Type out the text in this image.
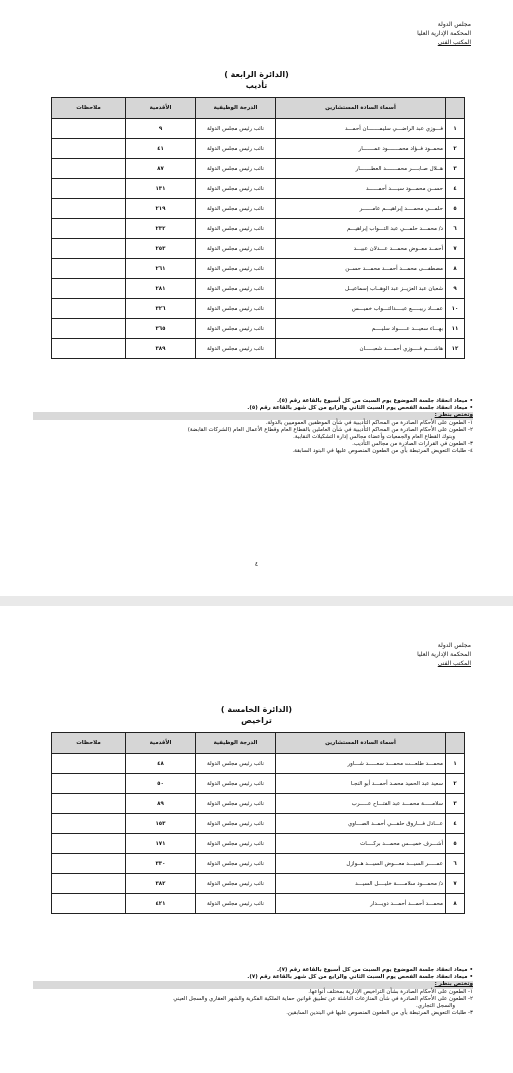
مجلس الدولة
المحكمة الإدارية العليا
المكتب الفني
(الدائرة الرابعة )
تأديب
	أسماء السادة المستشارين	الدرجة الوظيفية	الأقدمية	ملاحظات
١	فـــوزي عبد الراضـــي سليمـــــــان أحمـــد	نائب رئيس مجلس الدولة	٩	
٢	محمــود فــؤاد محمـــــــود عمـــــــار	نائب رئيس مجلس الدولة	٤١	
٣	هــلال صـابــــر محمـــــــد العطـــــــار	نائب رئيس مجلس الدولة	٨٧	
٤	حســن محمـــود سيــــد أحمــــــد	نائب رئيس مجلس الدولة	١٣١	
٥	حلمـــي محمــــد إبراهيـــم عامــــــر	نائب رئيس مجلس الدولة	٢١٩	
٦	د/ محمـــد حلمـــي عبد التـــواب إبراهيـــم	نائب رئيس مجلس الدولة	٢٣٢	
٧	أحمــد معــوض محمـــد عـــدلان عبيـــد	نائب رئيس مجلس الدولة	٢٥٣	
٨	مصطفـــى محمـــد أحمـــد محمـــد حســن	نائب رئيس مجلس الدولة	٢٦١	
٩	شعبان عبد العزيــز عبد الوهــاب إسماعيــل	نائب رئيس مجلس الدولة	٢٨١	
١٠	عمـــاد ربيـــــع عبــــدالتـــواب خميـــس	نائب رئيس مجلس الدولة	٣٢٦	
١١	بهـــاء سعيـــد عـــــواد سليــــم	نائب رئيس مجلس الدولة	٣٦٥	
١٢	هاشــــم فــــوزي أحمــــد شعبـــــان	نائب رئيس مجلس الدولة	٣٨٩	
• ميعاد انعقاد جلسة الموضوع يوم السبت من كل أسبوع بالقاعة رقم (٥).
• ميعاد انعقاد جلسة الفحص يوم السبت الثاني والرابع من كل شهر بالقاعة رقم (٥).
وتختص بنظر :
١- الطعون على الأحكام الصادرة من المحاكم التأديبية في شأن الموظفين العموميين بالدولة.
٢- الطعون على الأحكام الصادرة من المحاكم التأديبية في شأن العاملين بالقطاع العام وقطاع الأعمال العام (الشركات القابضة)
وبنوك القطاع العام والجمعيات وأعضاء مجالس إدارة التشكيلات النقابية.
٣- الطعون في القرارات الصادرة من مجالس التأديب.
٤- طلبات التعويض المرتبطة بأي من الطعون المنصوص عليها في البنود السابقة.
٤
مجلس الدولة
المحكمة الإدارية العليا
المكتب الفني
(الدائرة الخامسة )
تراخيص
	أسماء السادة المستشارين	الدرجة الوظيفية	الأقدمية	ملاحظات
١	محمـــد طلعـــت محمـــد سعـــــد شـــاور	نائب رئيس مجلس الدولة	٤٨	
٢	سعيد عبد الحميد محمـد أحمـــد أبو النجـا	نائب رئيس مجلس الدولة	٥٠	
٣	سلامـــــة محمـــد عبد الفتـــاح عـــــرب	نائب رئيس مجلس الدولة	٨٩	
٤	عـــادل فـــاروق حلفـــي أحمــد الصـــاوي	نائب رئيس مجلس الدولة	١٥٣	
٥	أشـــرف خميـــس محمـــد بركــــات	نائب رئيس مجلس الدولة	١٧١	
٦	عمـــــر السيـــد معـــوض السيـــد هــوازل	نائب رئيس مجلس الدولة	٣٣٠	
٧	د/ محمـــود سلامـــــة خليــــل السيـــد	نائب رئيس مجلس الدولة	٣٨٢	
٨	محمـــد أحمـــد أحمـــد دويـــدار	نائب رئيس مجلس الدولة	٤٢١	
• ميعاد انعقاد جلسة الموضوع يوم السبت من كل أسبوع بالقاعة رقم (٧).
• ميعاد انعقاد جلسة الفحص يوم السبت الثاني والرابع من كل شهر بالقاعة رقم (٧).
وتختص بنظر :
١- الطعون على الأحكام الصادرة بشأن التراخيص الإدارية بمختلف أنواعها.
٢- الطعون على الأحكام الصادرة في شأن المنازعات الناشئة عن تطبيق قوانين حماية الملكية الفكرية والشهر العقاري والسجل العيني
والسجل التجاري.
٣- طلبات التعويض المرتبطة بأي من الطعون المنصوص عليها في البندين السابقين.
